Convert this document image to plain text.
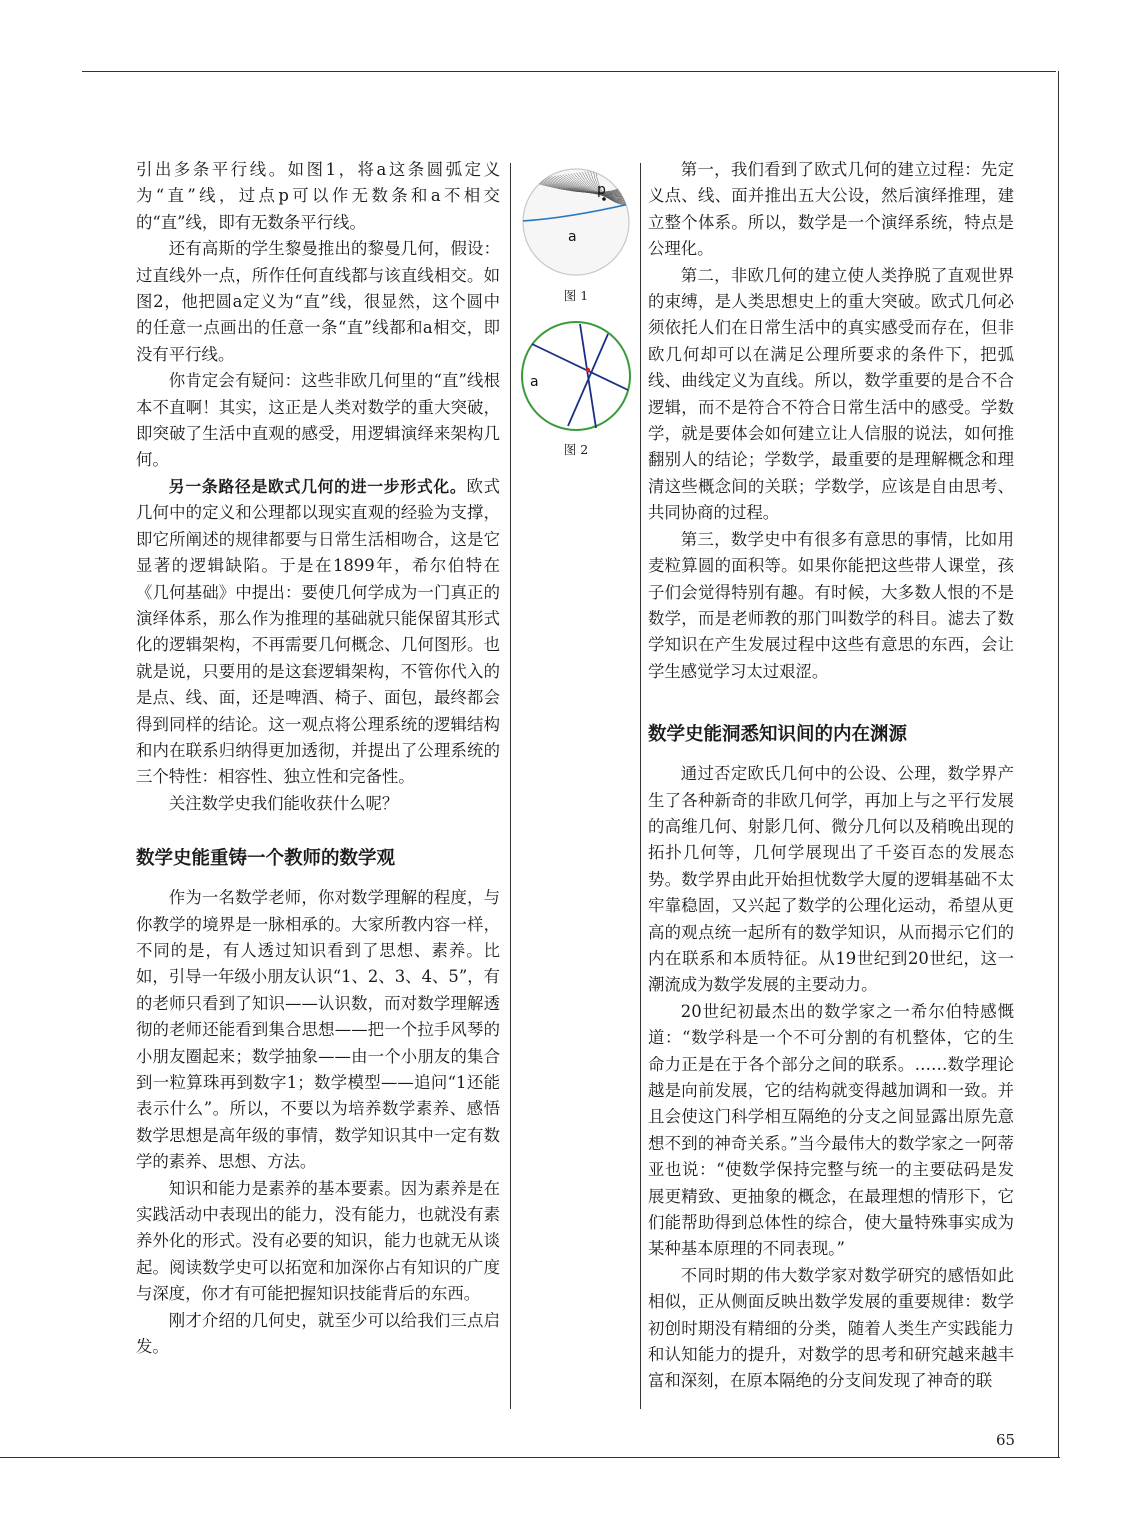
引出多条平行线。如图1，将a这条圆弧定义为“直”线，过点p可以作无数条和a不相交的“直”线，即有无数条平行线。

还有高斯的学生黎曼推出的黎曼几何，假设：过直线外一点，所作任何直线都与该直线相交。如图2，他把圆a定义为“直”线，很显然，这个圆中的任意一点画出的任意一条“直”线都和a相交，即没有平行线。

你肯定会有疑问：这些非欧几何里的“直”线根本不直啊！其实，这正是人类对数学的重大突破，即突破了生活中直观的感受，用逻辑演绎来架构几何。

另一条路径是欧式几何的进一步形式化。欧式几何中的定义和公理都以现实直观的经验为支撑，即它所阐述的规律都要与日常生活相吻合，这是它显著的逻辑缺陷。于是在1899年，希尔伯特在《几何基础》中提出：要使几何学成为一门真正的演绎体系，那么作为推理的基础就只能保留其形式化的逻辑架构，不再需要几何概念、几何图形。也就是说，只要用的是这套逻辑架构，不管你代入的是点、线、面，还是啤酒、椅子、面包，最终都会得到同样的结论。这一观点将公理系统的逻辑结构和内在联系归纳得更加透彻，并提出了公理系统的三个特性：相容性、独立性和完备性。

关注数学史我们能收获什么呢？

数学史能重铸一个教师的数学观

作为一名数学老师，你对数学理解的程度，与你教学的境界是一脉相承的。大家所教内容一样，不同的是，有人透过知识看到了思想、素养。比如，引导一年级小朋友认识“1、2、3、4、5”，有的老师只看到了知识——认识数，而对数学理解透彻的老师还能看到集合思想——把一个拉手风琴的小朋友圈起来；数学抽象——由一个小朋友的集合到一粒算珠再到数字1；数学模型——追问“1还能表示什么”。所以，不要以为培养数学素养、感悟数学思想是高年级的事情，数学知识其中一定有数学的素养、思想、方法。

知识和能力是素养的基本要素。因为素养是在实践活动中表现出的能力，没有能力，也就没有素养外化的形式。没有必要的知识，能力也就无从谈起。阅读数学史可以拓宽和加深你占有知识的广度与深度，你才有可能把握知识技能背后的东西。

刚才介绍的几何史，就至少可以给我们三点启发。

p
a
图 1
a
图 2

第一，我们看到了欧式几何的建立过程：先定义点、线、面并推出五大公设，然后演绎推理，建立整个体系。所以，数学是一个演绎系统，特点是公理化。

第二，非欧几何的建立使人类挣脱了直观世界的束缚，是人类思想史上的重大突破。欧式几何必须依托人们在日常生活中的真实感受而存在，但非欧几何却可以在满足公理所要求的条件下，把弧线、曲线定义为直线。所以，数学重要的是合不合逻辑，而不是符合不符合日常生活中的感受。学数学，就是要体会如何建立让人信服的说法，如何推翻别人的结论；学数学，最重要的是理解概念和理清这些概念间的关联；学数学，应该是自由思考、共同协商的过程。

第三，数学史中有很多有意思的事情，比如用麦粒算圆的面积等。如果你能把这些带人课堂，孩子们会觉得特别有趣。有时候，大多数人恨的不是数学，而是老师教的那门叫数学的科目。滤去了数学知识在产生发展过程中这些有意思的东西，会让学生感觉学习太过艰涩。

数学史能洞悉知识间的内在渊源

通过否定欧氏几何中的公设、公理，数学界产生了各种新奇的非欧几何学，再加上与之平行发展的高维几何、射影几何、微分几何以及稍晚出现的拓扑几何等，几何学展现出了千姿百态的发展态势。数学界由此开始担忧数学大厦的逻辑基础不太牢靠稳固，又兴起了数学的公理化运动，希望从更高的观点统一起所有的数学知识，从而揭示它们的内在联系和本质特征。从19世纪到20世纪，这一潮流成为数学发展的主要动力。

20世纪初最杰出的数学家之一希尔伯特感慨道：“数学科是一个不可分割的有机整体，它的生命力正是在于各个部分之间的联系。……数学理论越是向前发展，它的结构就变得越加调和一致。并且会使这门科学相互隔绝的分支之间显露出原先意想不到的神奇关系。”当今最伟大的数学家之一阿蒂亚也说：“使数学保持完整与统一的主要砝码是发展更精致、更抽象的概念，在最理想的情形下，它们能帮助得到总体性的综合，使大量特殊事实成为某种基本原理的不同表现。”

不同时期的伟大数学家对数学研究的感悟如此相似，正从侧面反映出数学发展的重要规律：数学初创时期没有精细的分类，随着人类生产实践能力和认知能力的提升，对数学的思考和研究越来越丰富和深刻，在原本隔绝的分支间发现了神奇的联

65
